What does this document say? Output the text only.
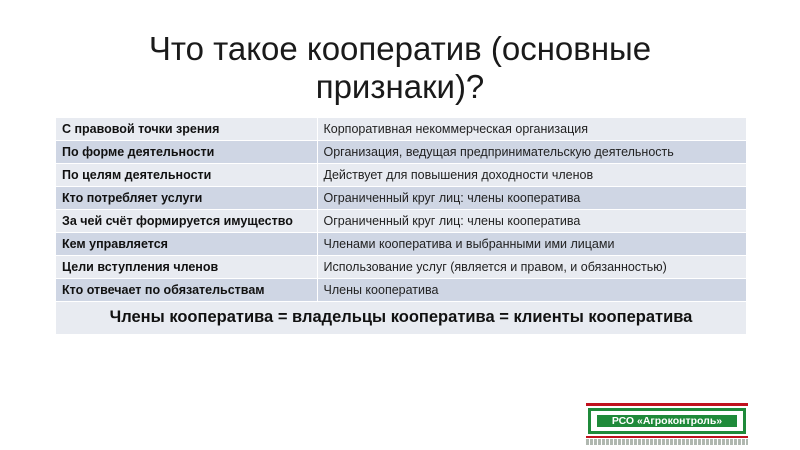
Что такое кооператив (основные признаки)?
С правовой точки зрения	Корпоративная некоммерческая организация
По форме деятельности	Организация, ведущая предпринимательскую деятельность
По целям деятельности	Действует для повышения доходности членов
Кто потребляет услуги	Ограниченный круг лиц: члены кооператива
За чей счёт формируется имущество	Ограниченный круг лиц: члены кооператива
Кем управляется	Членами кооператива и выбранными ими лицами
Цели вступления членов	Использование услуг (является и правом, и обязанностью)
Кто отвечает по обязательствам	Члены кооператива
Члены кооператива = владельцы кооператива = клиенты кооператива	
РСО «Агроконтроль»
